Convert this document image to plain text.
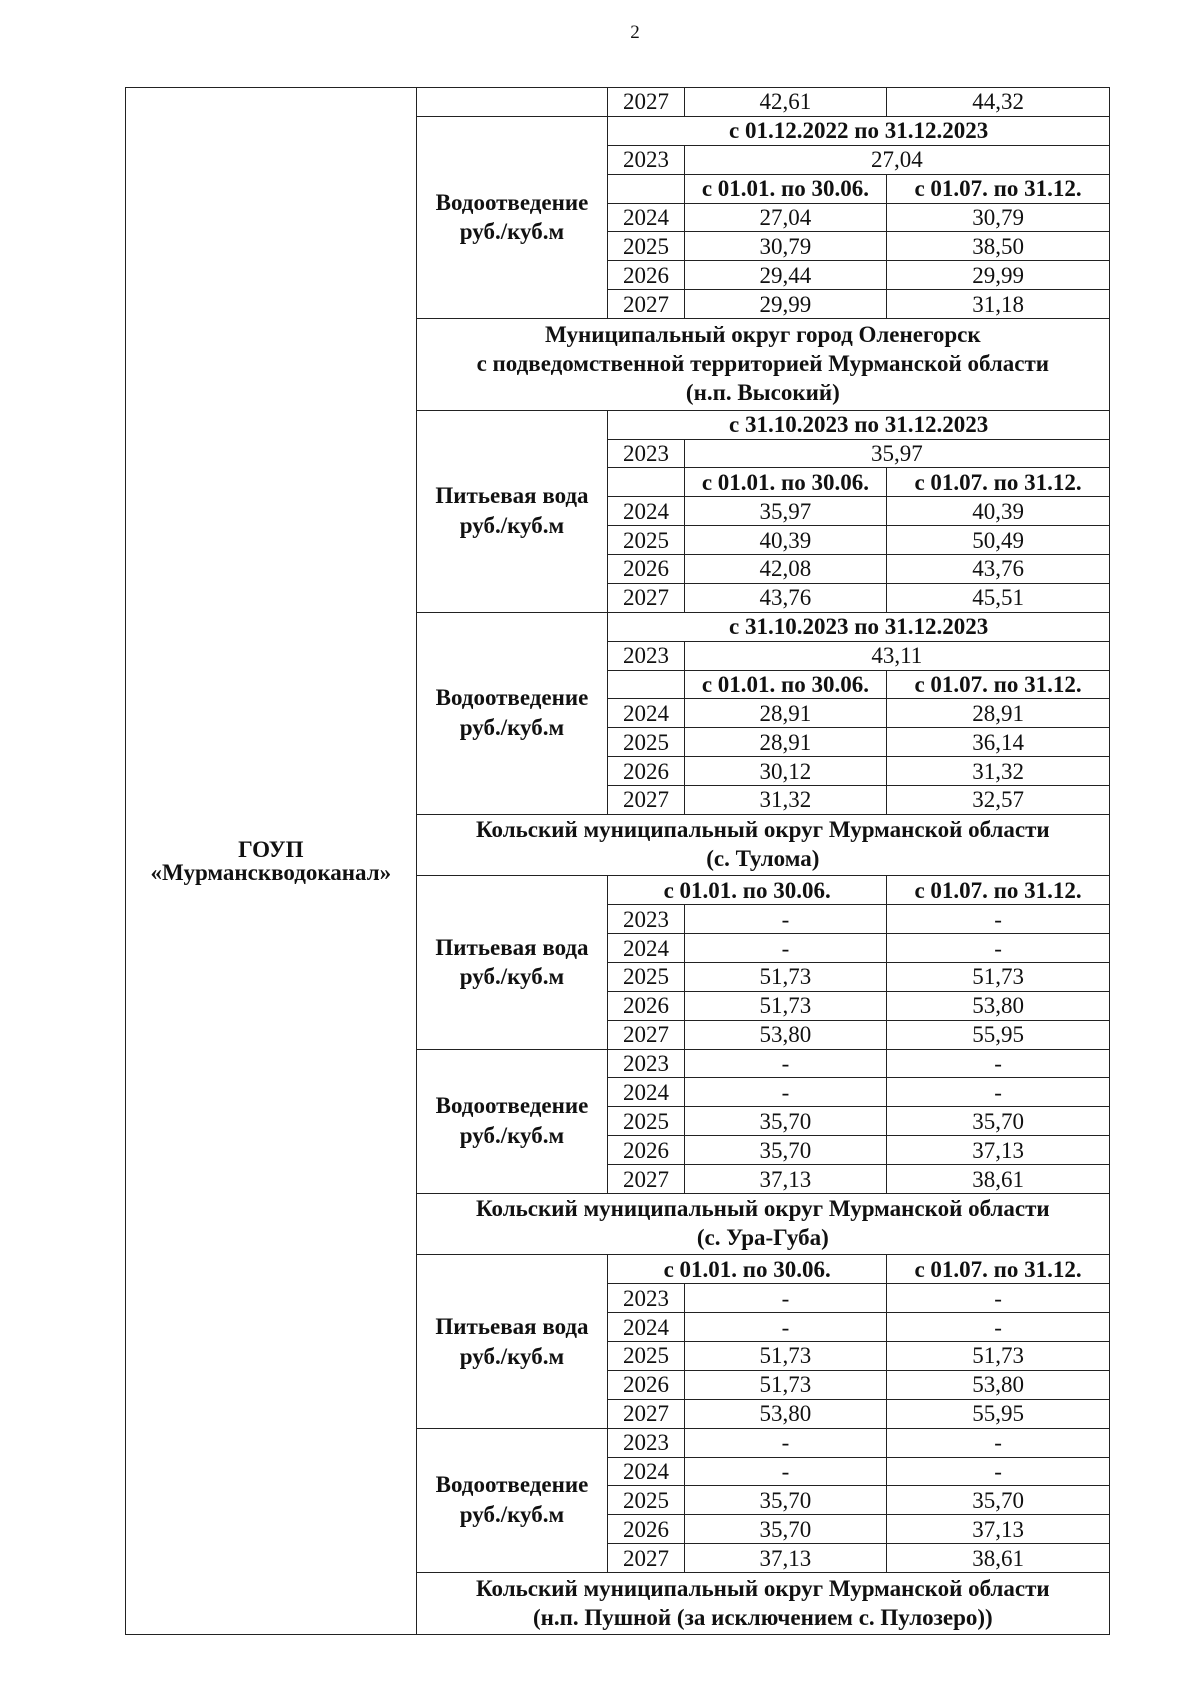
2
ГОУП
«Мурманскводоканал»		2027	42,61	44,32

	Водоотведение
руб./куб.м	с 01.12.2022 по 31.12.2023		
		2023	27,04	
			с 01.01. по 30.06.	с 01.07. по 31.12.
		2024	27,04	30,79
		2025	30,79	38,50
		2026	29,44	29,99
		2027	29,99	31,18

	Муниципальный округ город Оленегорск
с подведомственной территорией Мурманской области
(н.п. Высокий)			

	Питьевая вода
руб./куб.м	с 31.10.2023 по 31.12.2023		
		2023	35,97	
			с 01.01. по 30.06.	с 01.07. по 31.12.
		2024	35,97	40,39
		2025	40,39	50,49
		2026	42,08	43,76
		2027	43,76	45,51

	Водоотведение
руб./куб.м	с 31.10.2023 по 31.12.2023		
		2023	43,11	
			с 01.01. по 30.06.	с 01.07. по 31.12.
		2024	28,91	28,91
		2025	28,91	36,14
		2026	30,12	31,32
		2027	31,32	32,57

	Кольский муниципальный округ Мурманской области
(с. Тулома)			

	Питьевая вода
руб./куб.м	с 01.01. по 30.06.		с 01.07. по 31.12.
		2023	-	-
		2024	-	-
		2025	51,73	51,73
		2026	51,73	53,80
		2027	53,80	55,95

	Водоотведение
руб./куб.м	2023	-	-
		2024	-	-
		2025	35,70	35,70
		2026	35,70	37,13
		2027	37,13	38,61

	Кольский муниципальный округ Мурманской области
(с. Ура-Губа)			

	Питьевая вода
руб./куб.м	с 01.01. по 30.06.		с 01.07. по 31.12.
		2023	-	-
		2024	-	-
		2025	51,73	51,73
		2026	51,73	53,80
		2027	53,80	55,95

	Водоотведение
руб./куб.м	2023	-	-
		2024	-	-
		2025	35,70	35,70
		2026	35,70	37,13
		2027	37,13	38,61

	Кольский муниципальный округ Мурманской области
(н.п. Пушной (за исключением с. Пулозеро))			
